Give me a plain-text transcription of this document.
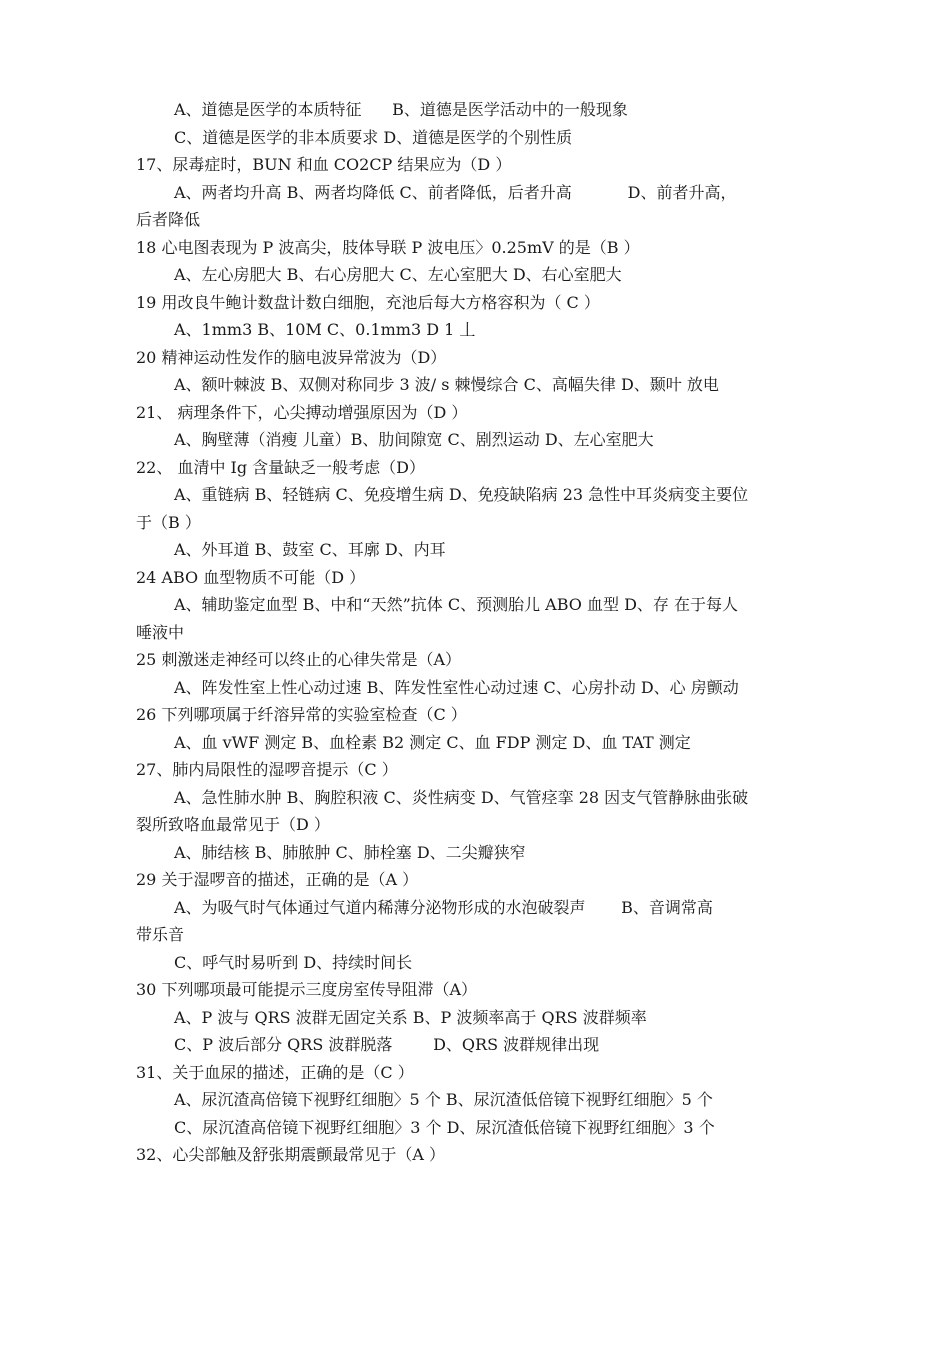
A、道德是医学的本质特征      B、道德是医学活动中的一般现象
C、道德是医学的非本质要求 D、道德是医学的个别性质
17、尿毒症时，BUN 和血 CO2CP 结果应为（D ）
A、两者均升高 B、两者均降低 C、前者降低，后者升高           D、前者升高，
后者降低
18 心电图表现为 P 波高尖，肢体导联 P 波电压〉0.25mV 的是（B ）
A、左心房肥大 B、右心房肥大 C、左心室肥大 D、右心室肥大
19 用改良牛鲍计数盘计数白细胞，充池后每大方格容积为（ C ）
A、1mm3 B、10M C、0.1mm3 D 1 丄
20 精神运动性发作的脑电波异常波为（D）
A、额叶棘波 B、双侧对称同步 3 波/ s 棘慢综合 C、高幅失律 D、颞叶 放电
21、 病理条件下，心尖搏动增强原因为（D ）
A、胸壁薄（消瘦 儿童）B、肋间隙宽 C、剧烈运动 D、左心室肥大
22、 血清中 Ig 含量缺乏一般考虑（D）
A、重链病 B、轻链病 C、免疫增生病 D、免疫缺陷病 23 急性中耳炎病变主要位
于（B ）
A、外耳道 B、鼓室 C、耳廓 D、内耳
24 ABO 血型物质不可能（D ）
A、辅助鉴定血型 B、中和“天然”抗体 C、预测胎儿 ABO 血型 D、存 在于每人
唾液中
25 刺激迷走神经可以终止的心律失常是（A）
A、阵发性室上性心动过速 B、阵发性室性心动过速 C、心房扑动 D、心 房颤动
26 下列哪项属于纤溶异常的实验室检查（C ）
A、血 vWF 测定 B、血栓素 B2 测定 C、血 FDP 测定 D、血 TAT 测定
27、肺内局限性的湿啰音提示（C ）
A、急性肺水肿 B、胸腔积液 C、炎性病变 D、气管痉挛 28 因支气管静脉曲张破
裂所致咯血最常见于（D ）
A、肺结核 B、肺脓肿 C、肺栓塞 D、二尖瓣狭窄
29 关于湿啰音的描述，正确的是（A ）
A、为吸气时气体通过气道内稀薄分泌物形成的水泡破裂声       B、音调常高
带乐音
C、呼气时易听到 D、持续时间长
30 下列哪项最可能提示三度房室传导阻滞（A）
A、P 波与 QRS 波群无固定关系 B、P 波频率高于 QRS 波群频率
C、P 波后部分 QRS 波群脱落        D、QRS 波群规律出现
31、关于血尿的描述，正确的是（C ）
A、尿沉渣高倍镜下视野红细胞〉5 个 B、尿沉渣低倍镜下视野红细胞〉5 个
C、尿沉渣高倍镜下视野红细胞〉3 个 D、尿沉渣低倍镜下视野红细胞〉3 个
32、心尖部触及舒张期震颤最常见于（A ）
